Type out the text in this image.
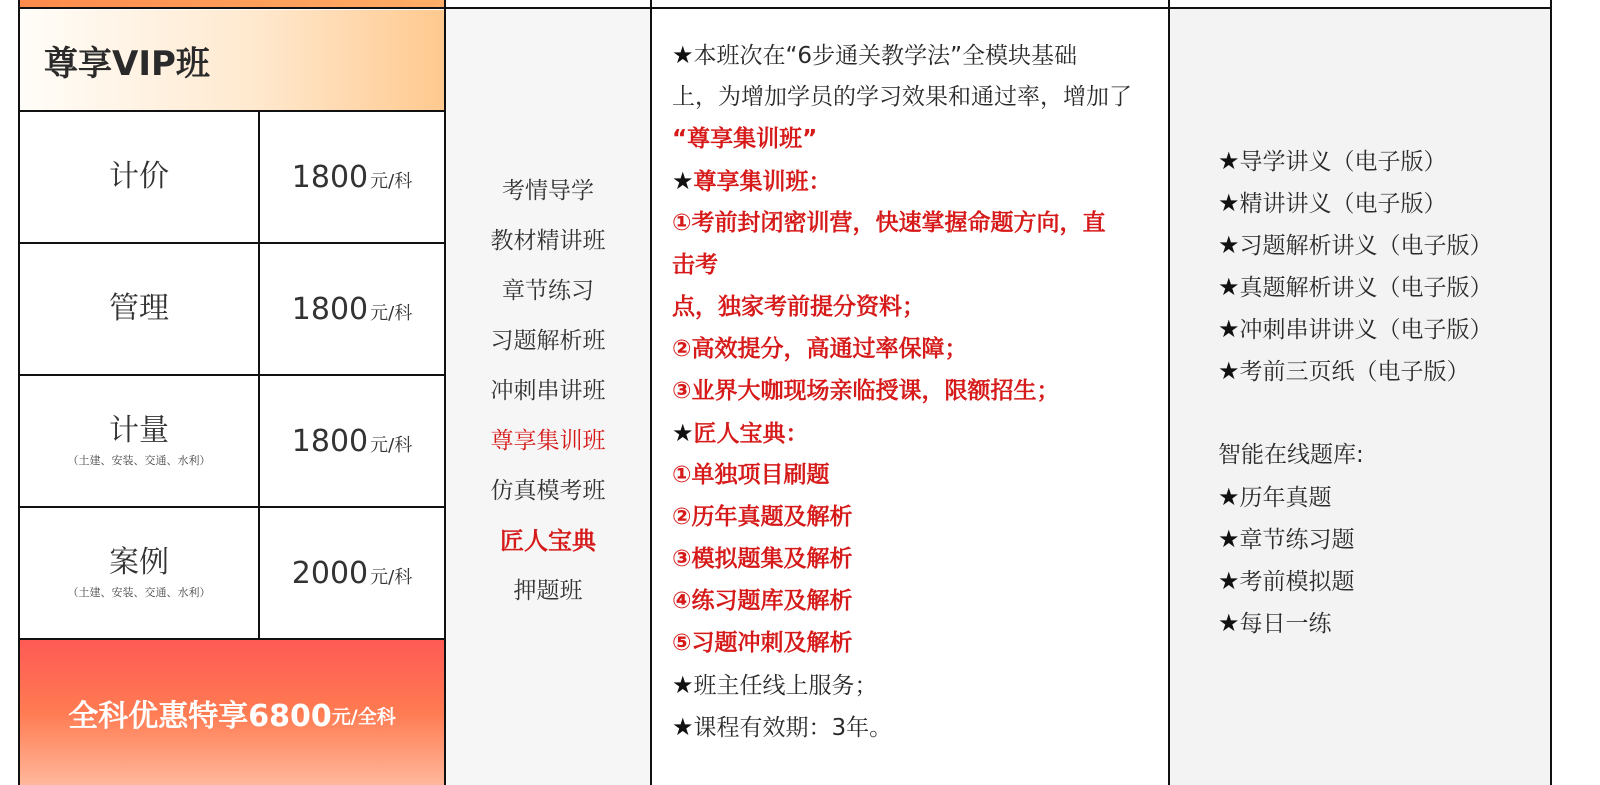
尊享VIP班
计价	1800 元/科
管理	1800 元/科
计量
（土建、安装、交通、水利）
1800 元/科
案例
（土建、安装、交通、水利）
2000 元/科
全科优惠特享6800 元/全科
考情导学
教材精讲班
章节练习
习题解析班
冲刺串讲班
尊享集训班
仿真模考班
匠人宝典
押题班
★本班次在“6步通关教学法”全模块基础
上，为增加学员的学习效果和通过率，增加了
“尊享集训班”
★尊享集训班：
①考前封闭密训营，快速掌握命题方向，直
击考
点，独家考前提分资料；
②高效提分，高通过率保障；
③业界大咖现场亲临授课，限额招生；
★匠人宝典：
①单独项目刷题
②历年真题及解析
③模拟题集及解析
④练习题库及解析
⑤习题冲刺及解析
★班主任线上服务；
★课程有效期：3年。
★导学讲义（电子版）
★精讲讲义（电子版）
★习题解析讲义（电子版）
★真题解析讲义（电子版）
★冲刺串讲讲义（电子版）
★考前三页纸（电子版）
智能在线题库:
★历年真题
★章节练习题
★考前模拟题
★每日一练
